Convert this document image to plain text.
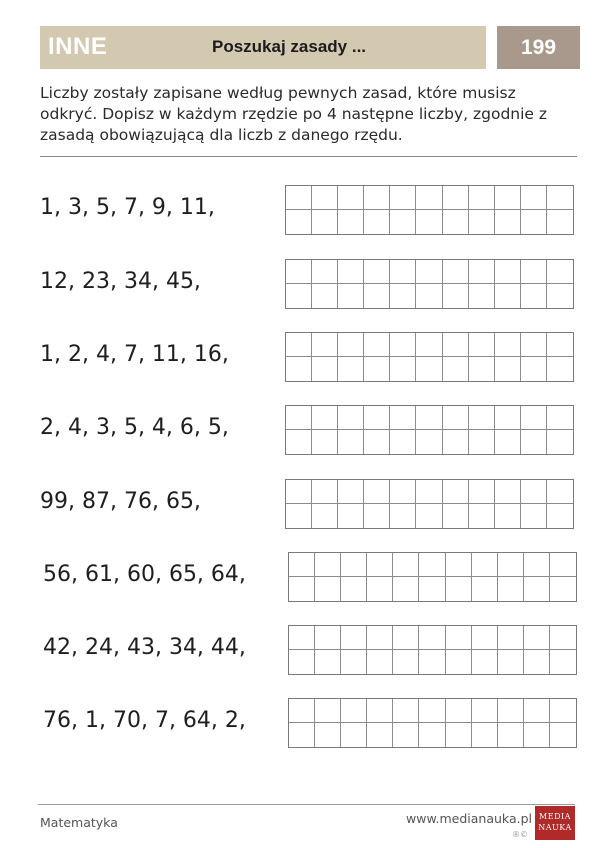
INNE	Poszukaj zasady ...	199
Liczby zostały zapisane według pewnych zasad, które musisz odkryć. Dopisz w każdym rzędzie po 4 następne liczby, zgodnie z zasadą obowiązującą dla liczb z danego rzędu.
1, 3, 5, 7, 9, 11,
12, 23, 34, 45,
1, 2, 4, 7, 11, 16,
2, 4, 3, 5, 4, 6, 5,
99, 87, 76, 65,
56, 61, 60, 65, 64,
42, 24, 43, 34, 44,
76, 1, 70, 7, 64, 2,
Matematyka	www.medianauka.pl
®©
MEDIA
NAUKA
